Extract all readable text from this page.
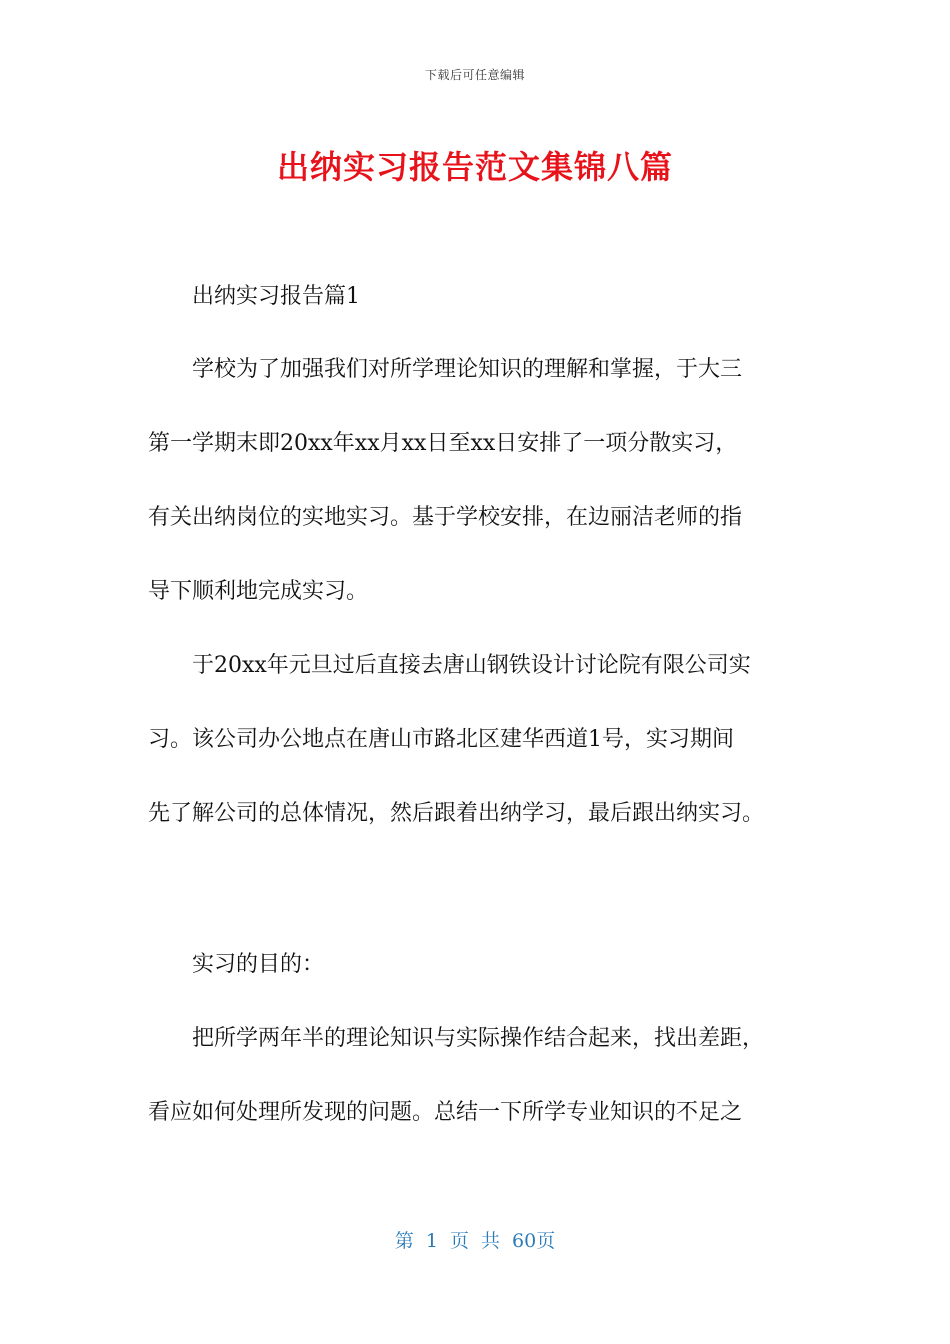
下载后可任意编辑
出纳实习报告范文集锦八篇
　　出纳实习报告篇1
　　学校为了加强我们对所学理论知识的理解和掌握，于大三
第一学期末即20xx年xx月xx日至xx日安排了一项分散实习，
有关出纳岗位的实地实习。基于学校安排，在边丽洁老师的指
导下顺利地完成实习。
　　于20xx年元旦过后直接去唐山钢铁设计讨论院有限公司实
习。该公司办公地点在唐山市路北区建华西道1号，实习期间
先了解公司的总体情况，然后跟着出纳学习，最后跟出纳实习。
　　实习的目的：
　　把所学两年半的理论知识与实际操作结合起来，找出差距，
看应如何处理所发现的问题。总结一下所学专业知识的不足之
第 1 页 共 60页
